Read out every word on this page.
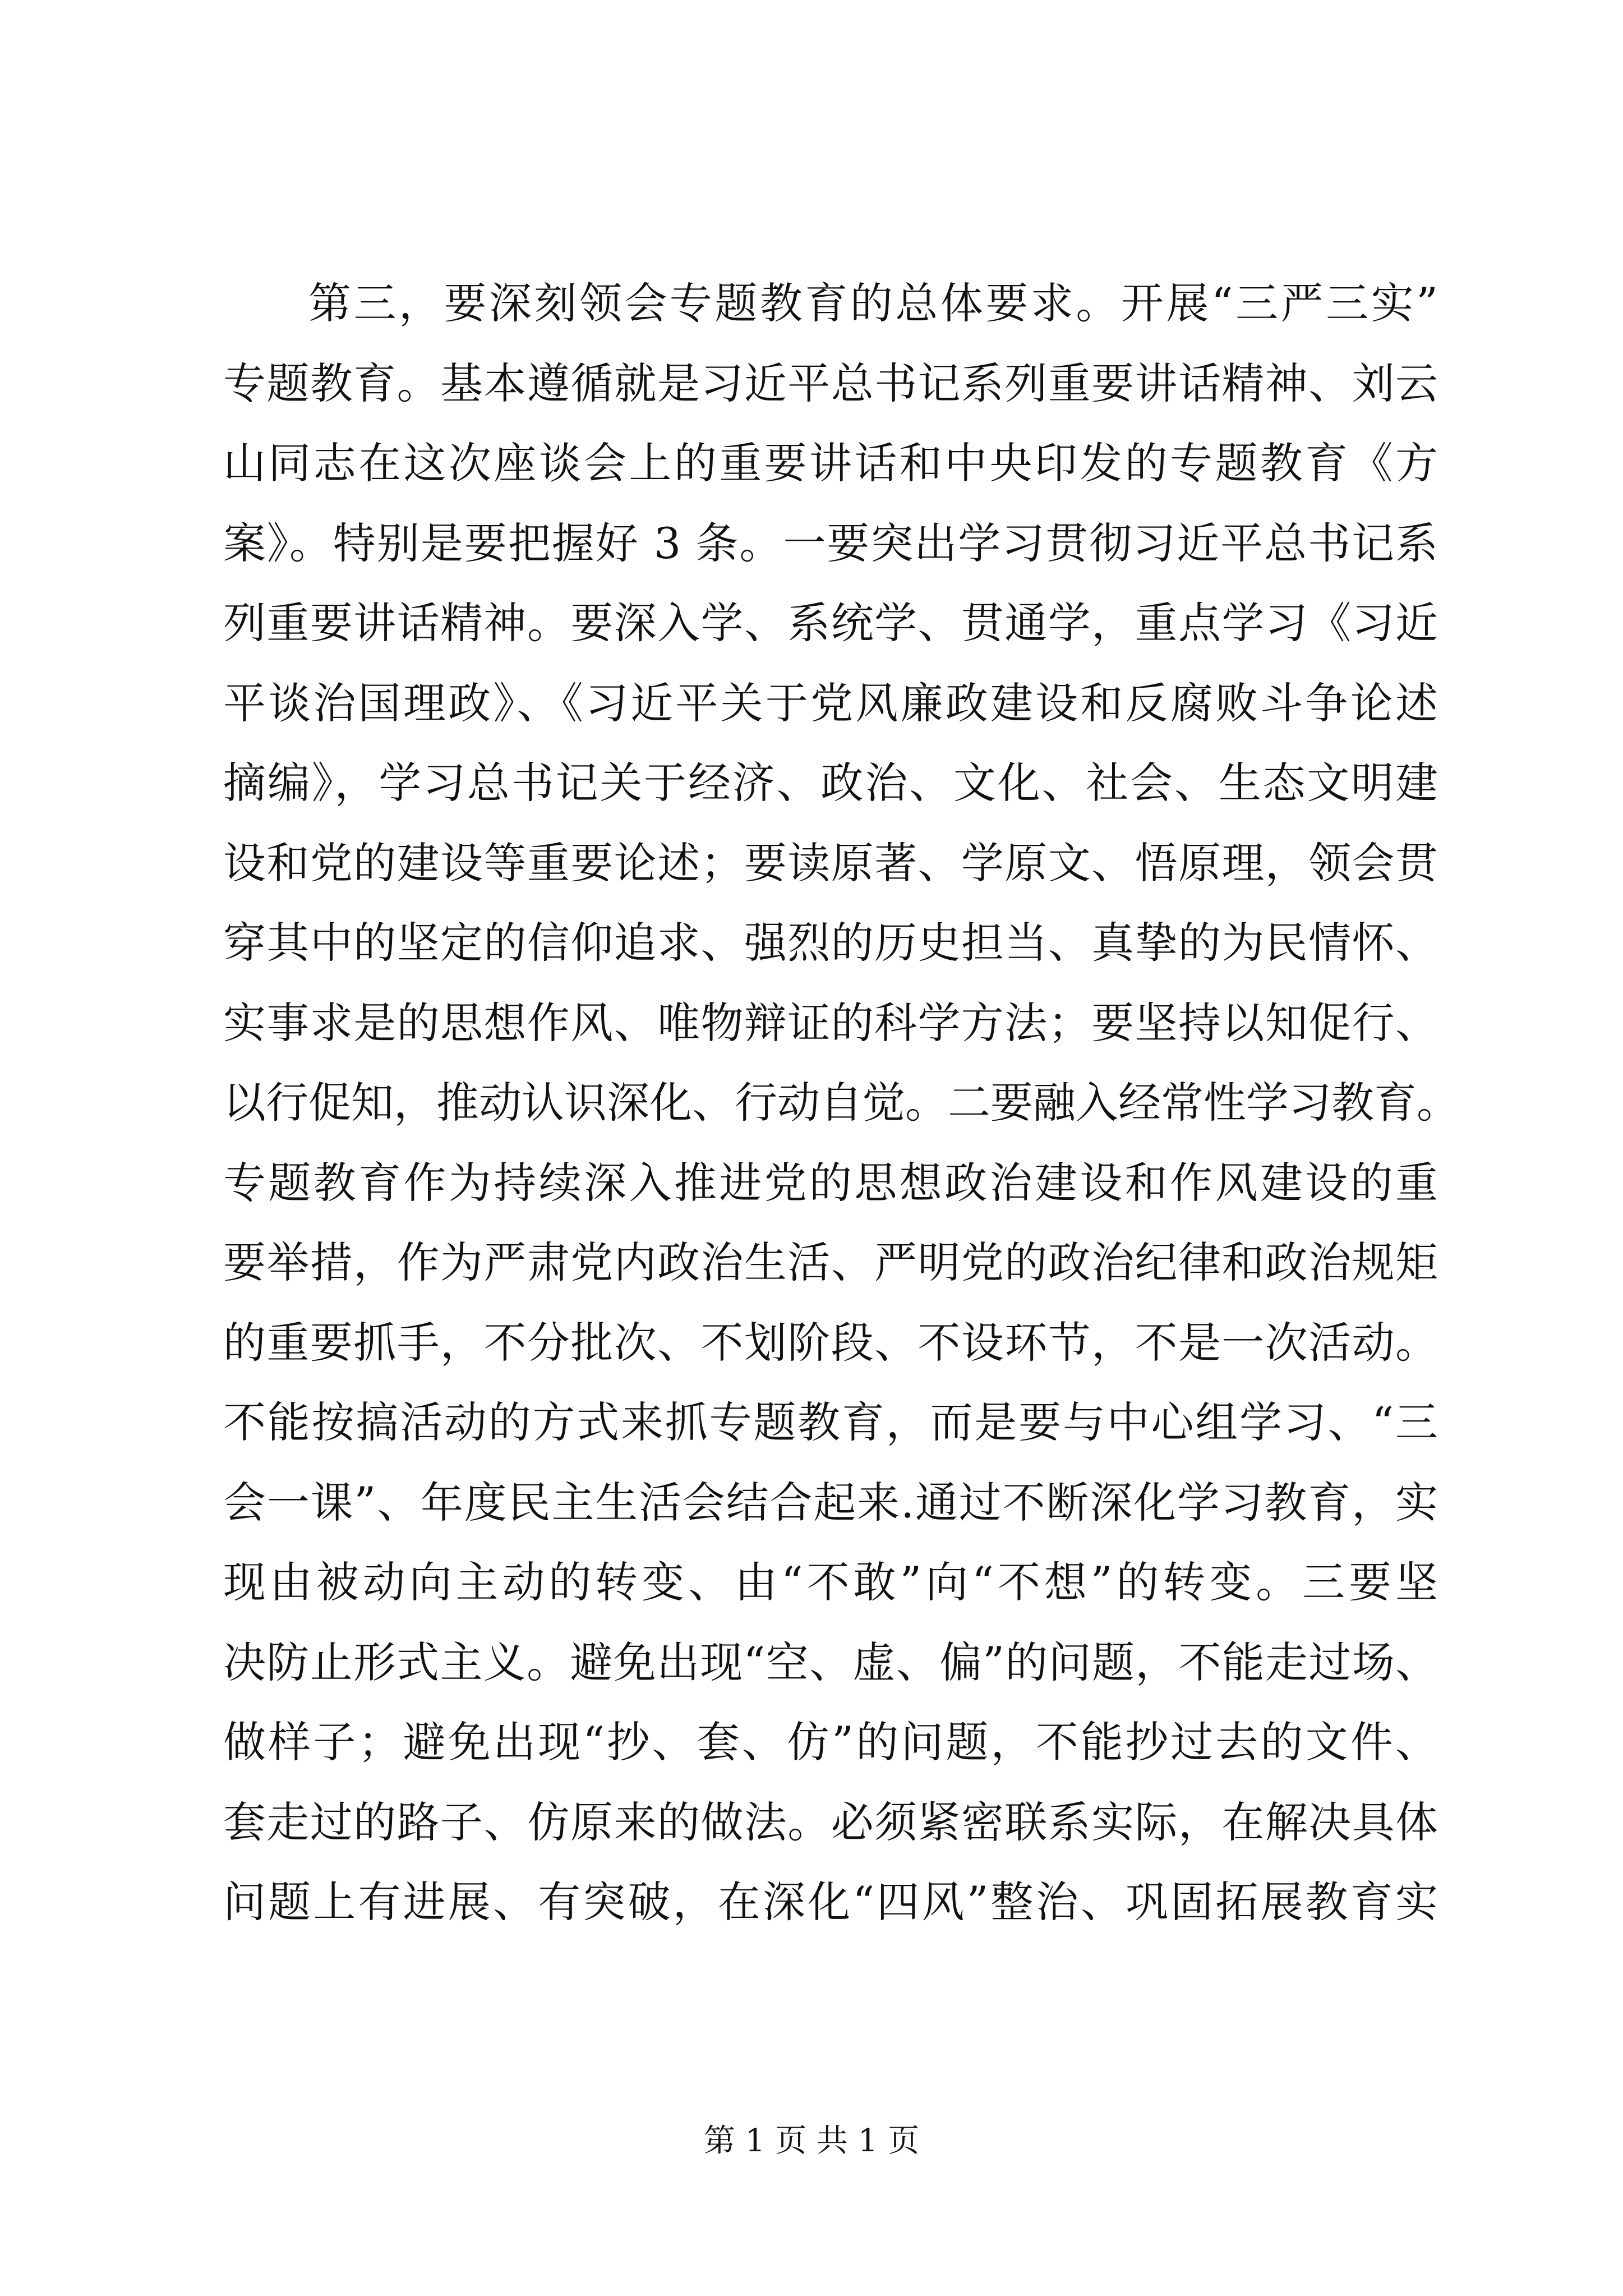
第三，要深刻领会专题教育的总体要求。开展“三严三实”
专题教育。基本遵循就是习近平总书记系列重要讲话精神、刘云
山同志在这次座谈会上的重要讲话和中央印发的专题教育《方
案》。特别是要把握好 3 条。一要突出学习贯彻习近平总书记系
列重要讲话精神。要深入学、系统学、贯通学，重点学习《习近
平谈治国理政》、《习近平关于党风廉政建设和反腐败斗争论述
摘编》，学习总书记关于经济、政治、文化、社会、生态文明建
设和党的建设等重要论述；要读原著、学原文、悟原理，领会贯
穿其中的坚定的信仰追求、强烈的历史担当、真挚的为民情怀、
实事求是的思想作风、唯物辩证的科学方法；要坚持以知促行、
以行促知，推动认识深化、行动自觉。二要融入经常性学习教育。
专题教育作为持续深入推进党的思想政治建设和作风建设的重
要举措，作为严肃党内政治生活、严明党的政治纪律和政治规矩
的重要抓手，不分批次、不划阶段、不设环节，不是一次活动。
不能按搞活动的方式来抓专题教育，而是要与中心组学习、“三
会一课”、年度民主生活会结合起来.通过不断深化学习教育，实
现由被动向主动的转变、由“不敢”向“不想”的转变。三要坚
决防止形式主义。避免出现“空、虚、偏”的问题，不能走过场、
做样子；避免出现“抄、套、仿”的问题，不能抄过去的文件、
套走过的路子、仿原来的做法。必须紧密联系实际，在解决具体
问题上有进展、有突破，在深化“四风”整治、巩固拓展教育实
第 1 页 共 1 页
